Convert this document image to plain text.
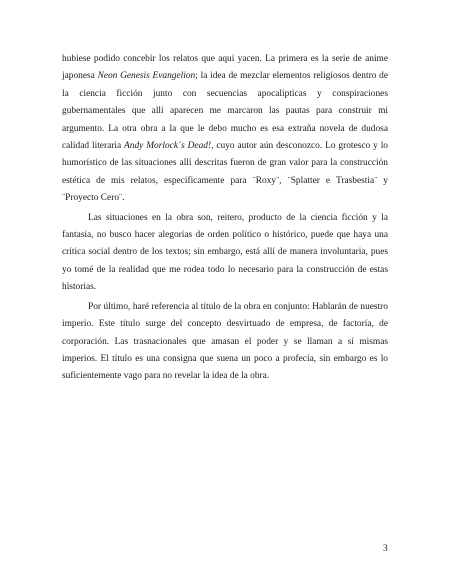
hubiese podido concebir los relatos que aquí yacen. La primera es la serie de anime japonesa Neon Genesis Evangelion; la idea de mezclar elementos religiosos dentro de la ciencia ficción junto con secuencias apocalípticas y conspiraciones gubernamentales que allí aparecen me marcaron las pautas para construir mi argumento. La otra obra a la que le debo mucho es esa extraña novela de dudosa calidad literaria Andy Morlock´s Dead!, cuyo autor aún desconozco. Lo grotesco y lo humorístico de las situaciones allí descritas fueron de gran valor para la construcción estética de mis relatos, específicamente para ¨Roxy¨, ¨Splatter e Trasbestia¨ y ¨Proyecto Cero¨.

Las situaciones en la obra son, reitero, producto de la ciencia ficción y la fantasía, no busco hacer alegorías de orden político o histórico, puede que haya una crítica social dentro de los textos; sin embargo, está allí de manera involuntaria, pues yo tomé de la realidad que me rodea todo lo necesario para la construcción de estas historias.

Por último, haré referencia al título de la obra en conjunto: Hablarán de nuestro imperio. Este título surge del concepto desvirtuado de empresa, de factoría, de corporación. Las trasnacionales que amasan el poder y se llaman a sí mismas imperios. El título es una consigna que suena un poco a profecía, sin embargo es lo suficientemente vago para no revelar la idea de la obra.

3
